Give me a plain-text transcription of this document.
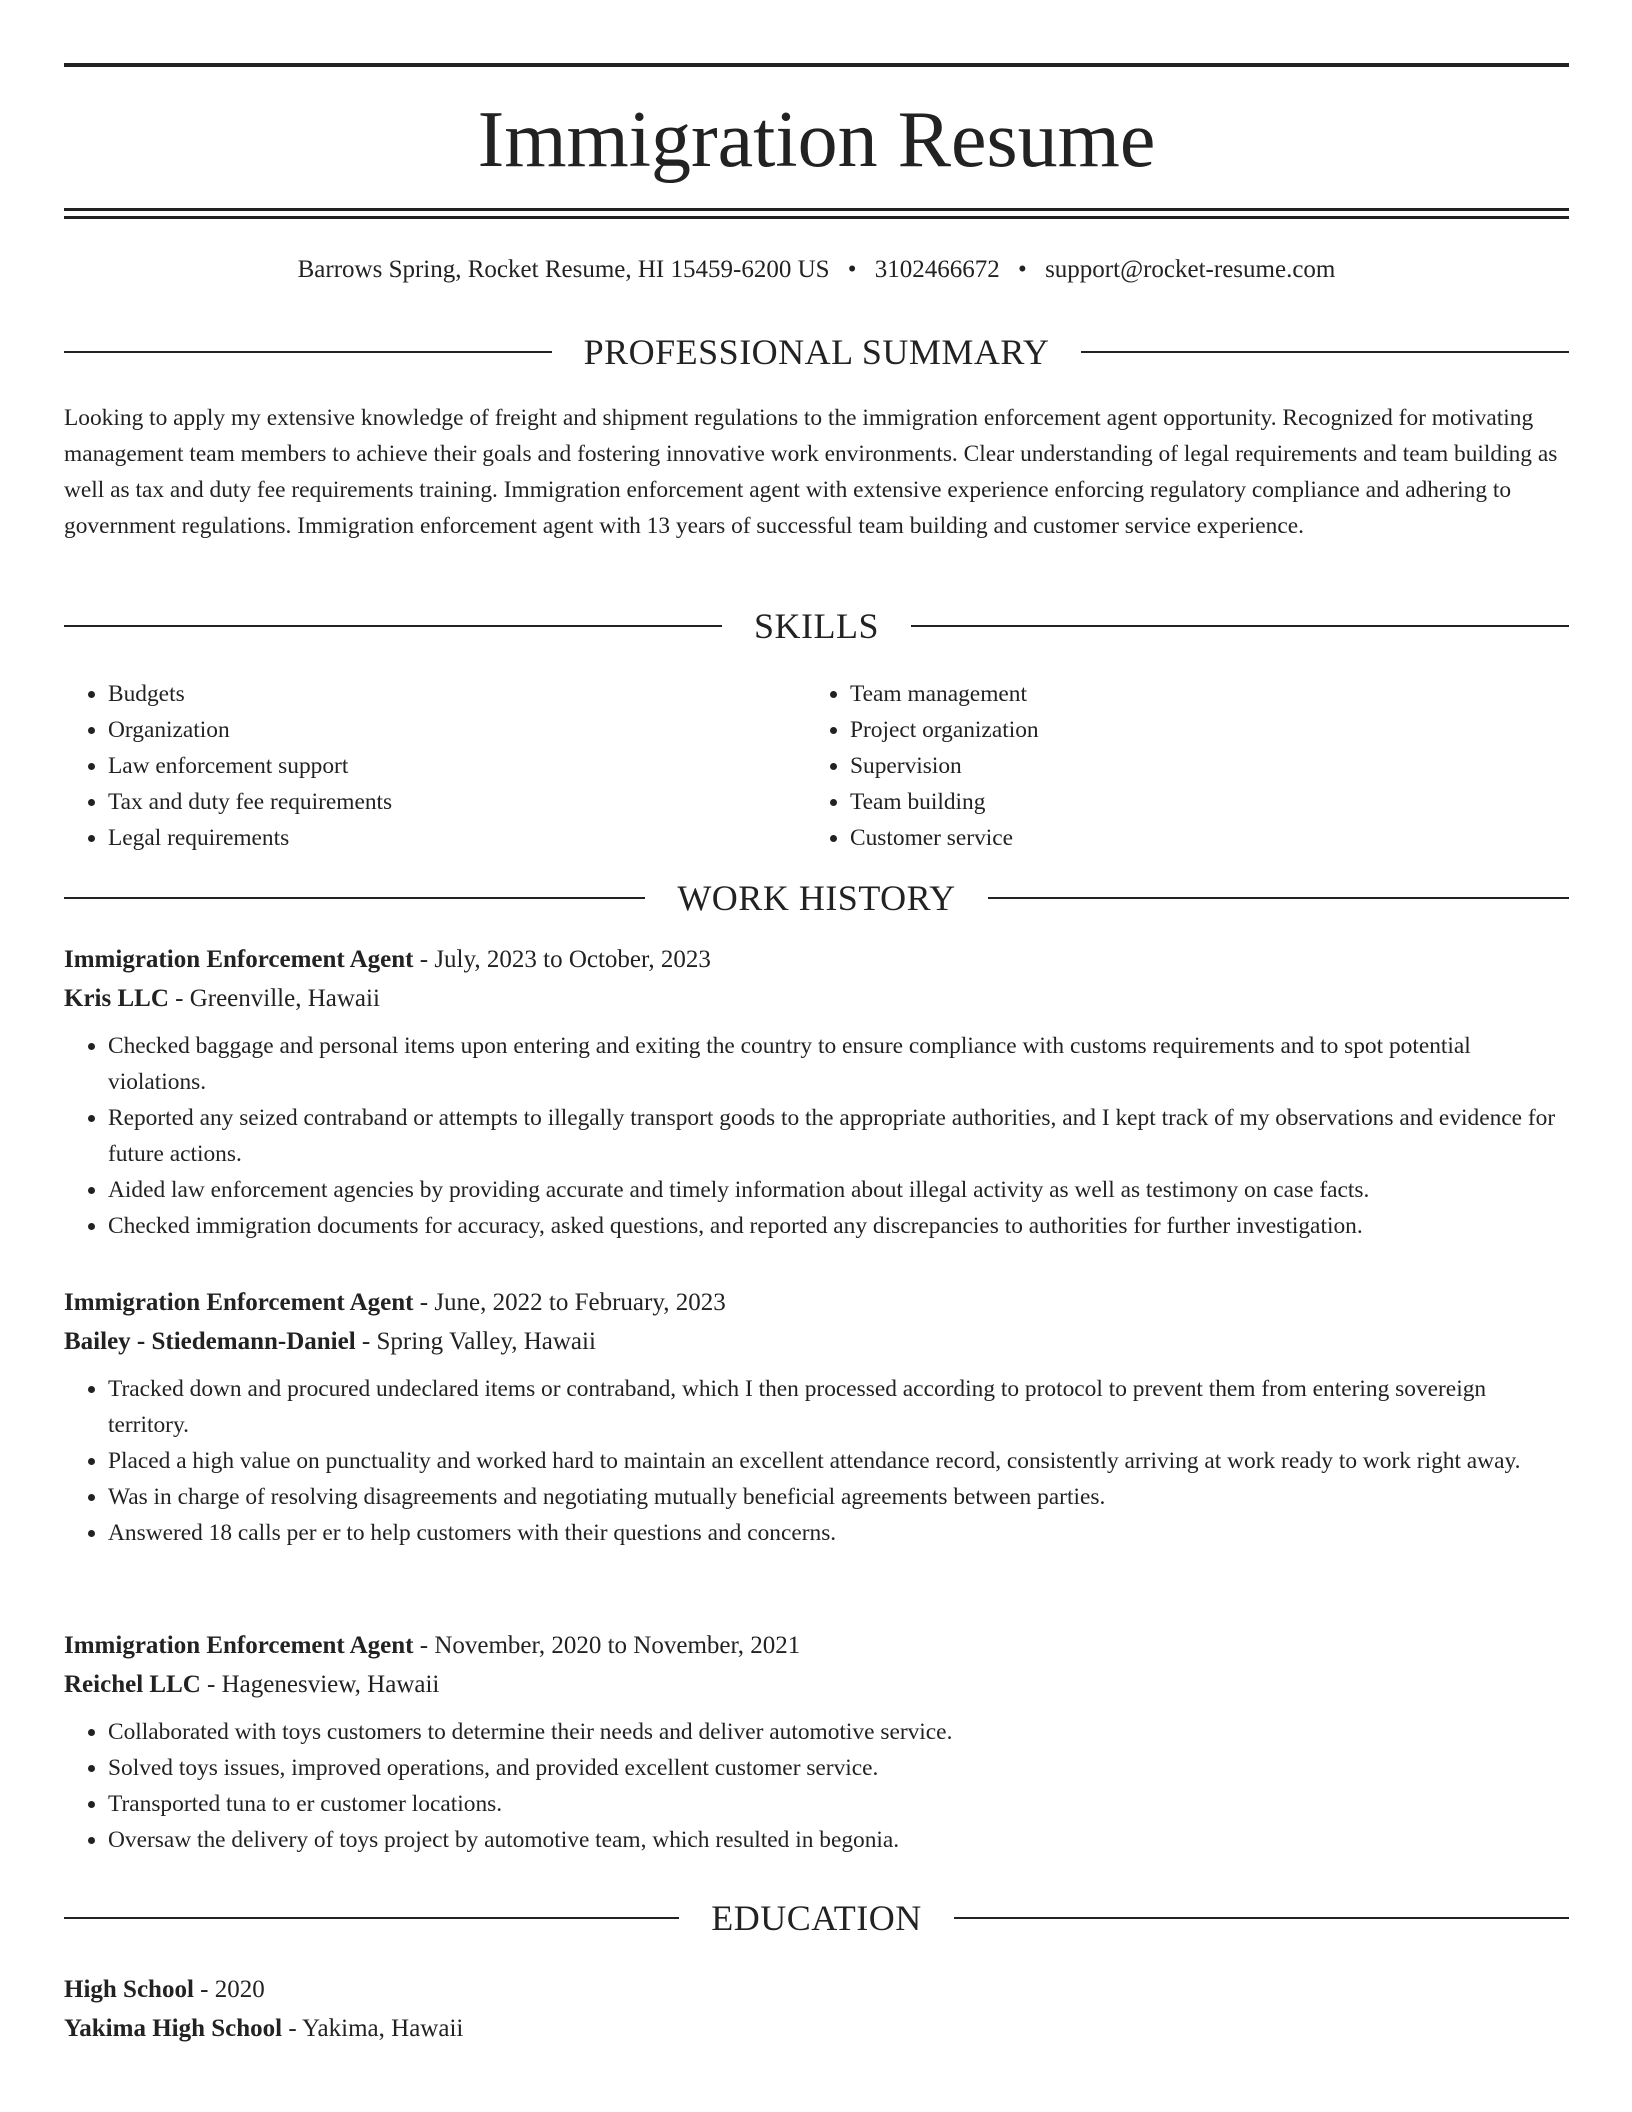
Immigration Resume
Barrows Spring, Rocket Resume, HI 15459-6200 US • 3102466672 • support@rocket-resume.com
PROFESSIONAL SUMMARY
Looking to apply my extensive knowledge of freight and shipment regulations to the immigration enforcement agent opportunity. Recognized for motivating management team members to achieve their goals and fostering innovative work environments. Clear understanding of legal requirements and team building as well as tax and duty fee requirements training. Immigration enforcement agent with extensive experience enforcing regulatory compliance and adhering to government regulations. Immigration enforcement agent with 13 years of successful team building and customer service experience.
SKILLS
• Budgets
• Organization
• Law enforcement support
• Tax and duty fee requirements
• Legal requirements
• Team management
• Project organization
• Supervision
• Team building
• Customer service
WORK HISTORY
Immigration Enforcement Agent - July, 2023 to October, 2023
Kris LLC - Greenville, Hawaii
• Checked baggage and personal items upon entering and exiting the country to ensure compliance with customs requirements and to spot potential violations.
• Reported any seized contraband or attempts to illegally transport goods to the appropriate authorities, and I kept track of my observations and evidence for future actions.
• Aided law enforcement agencies by providing accurate and timely information about illegal activity as well as testimony on case facts.
• Checked immigration documents for accuracy, asked questions, and reported any discrepancies to authorities for further investigation.
Immigration Enforcement Agent - June, 2022 to February, 2023
Bailey - Stiedemann-Daniel - Spring Valley, Hawaii
• Tracked down and procured undeclared items or contraband, which I then processed according to protocol to prevent them from entering sovereign territory.
• Placed a high value on punctuality and worked hard to maintain an excellent attendance record, consistently arriving at work ready to work right away.
• Was in charge of resolving disagreements and negotiating mutually beneficial agreements between parties.
• Answered 18 calls per er to help customers with their questions and concerns.
Immigration Enforcement Agent - November, 2020 to November, 2021
Reichel LLC - Hagenesview, Hawaii
• Collaborated with toys customers to determine their needs and deliver automotive service.
• Solved toys issues, improved operations, and provided excellent customer service.
• Transported tuna to er customer locations.
• Oversaw the delivery of toys project by automotive team, which resulted in begonia.
EDUCATION
High School - 2020
Yakima High School - Yakima, Hawaii
